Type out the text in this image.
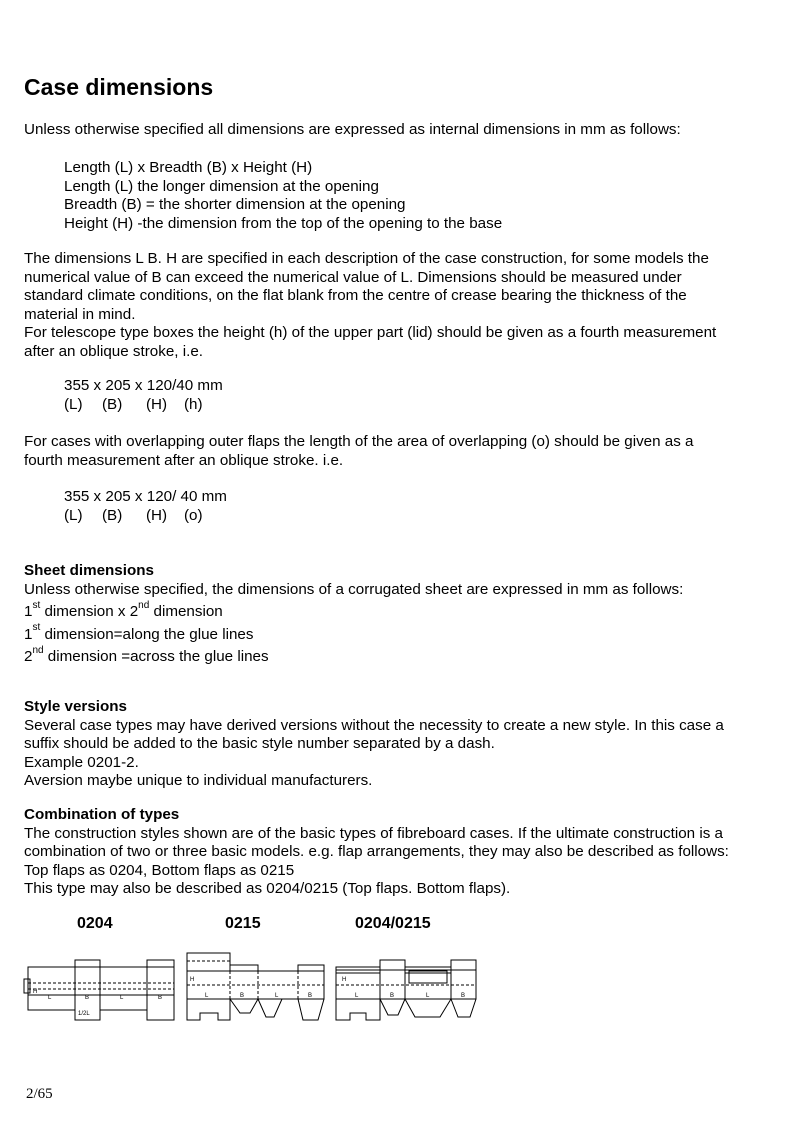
Case dimensions

Unless otherwise specified all dimensions are expressed as internal dimensions in mm as follows:

Length (L) x Breadth (B) x Height (H)

Length (L) the longer dimension at the opening

Breadth (B) = the shorter dimension at the opening

Height (H) -the dimension from the top of the opening to the base

The dimensions L B. H are specified in each description of the case construction, for some models the

numerical value of B can exceed the numerical value of L. Dimensions should be measured under

standard climate conditions, on the flat blank from the centre of crease bearing the thickness of the

material in mind.

For telescope type boxes the height (h) of the upper part (lid) should be given as a fourth measurement

after an oblique stroke, i.e.

355 x 205 x 120/40 mm

(L) (B) (H) (h)

For cases with overlapping outer flaps the length of the area of overlapping (o) should be given as a

fourth measurement after an oblique stroke. i.e.

355 x 205 x 120/ 40 mm

(L) (B) (H) (o)

Sheet dimensions

Unless otherwise specified, the dimensions of a corrugated sheet are expressed in mm as follows:

1st dimension x 2nd dimension

1st dimension=along the glue lines

2nd dimension =across the glue lines

Style versions

Several case types may have derived versions without the necessity to create a new style. In this case a

suffix should be added to the basic style number separated by a dash.

Example 0201-2.

Aversion maybe unique to individual manufacturers.

Combination of types

The construction styles shown are of the basic types of fibreboard cases. If the ultimate construction is a

combination of two or three basic models. e.g. flap arrangements, they may also be described as follows:

Top flaps as 0204, Bottom flaps as 0215

This type may also be described as 0204/0215 (Top flaps. Bottom flaps).

0204	0215	0204/0215
L	B	L	B
H
1/2L
L	B	L	B
H
L	B	L	B
H
2/65
